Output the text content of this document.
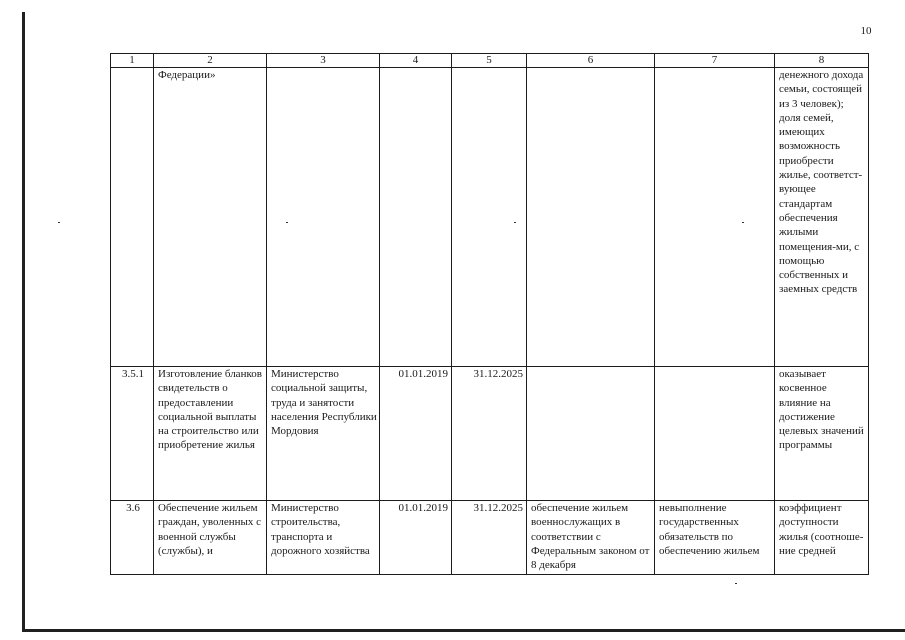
10
1	2	3	4	5	6	7	8
	Федерации»						денежного дохода семьи, состоящей из 3 человек); доля семей, имеющих возможность приобрести жилье, соответст-вующее стандартам обеспечения жилыми помещения-ми, с помощью собственных и заемных средств
3.5.1	Изготовление бланков свидетельств о предоставлении социальной выплаты на строительство или приобретение жилья	Министерство социальной защиты, труда и занятости населения Республики Мордовия	01.01.2019	31.12.2025			оказывает косвенное влияние на достижение целевых значений программы
3.6	Обеспечение жильем граждан, уволенных с военной службы (службы), и	Министерство строительства, транспорта и дорожного хозяйства	01.01.2019	31.12.2025	обеспечение жильем военнослужащих в соответствии с Федеральным законом от 8 декабря	невыполнение государственных обязательств по обеспечению жильем	коэффициент доступности жилья (соотноше-ние средней
